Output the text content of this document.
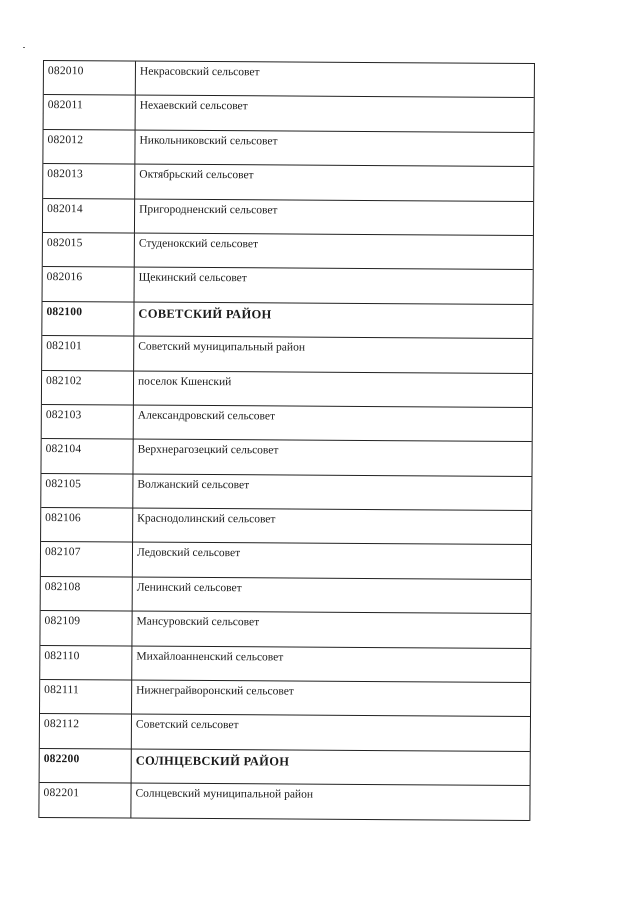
082010	Некрасовский сельсовет
082011	Нехаевский сельсовет
082012	Никольниковский сельсовет
082013	Октябрьский сельсовет
082014	Пригородненский сельсовет
082015	Студенокский сельсовет
082016	Щекинский сельсовет
082100	СОВЕТСКИЙ РАЙОН
082101	Советский муниципальный район
082102	поселок Кшенский
082103	Александровский сельсовет
082104	Верхнерагозецкий сельсовет
082105	Волжанский сельсовет
082106	Краснодолинский сельсовет
082107	Ледовский сельсовет
082108	Ленинский сельсовет
082109	Мансуровский сельсовет
082110	Михайлоанненский сельсовет
082111	Нижнеграйворонский сельсовет
082112	Советский сельсовет
082200	СОЛНЦЕВСКИЙ РАЙОН
082201	Солнцевский муниципальной район
